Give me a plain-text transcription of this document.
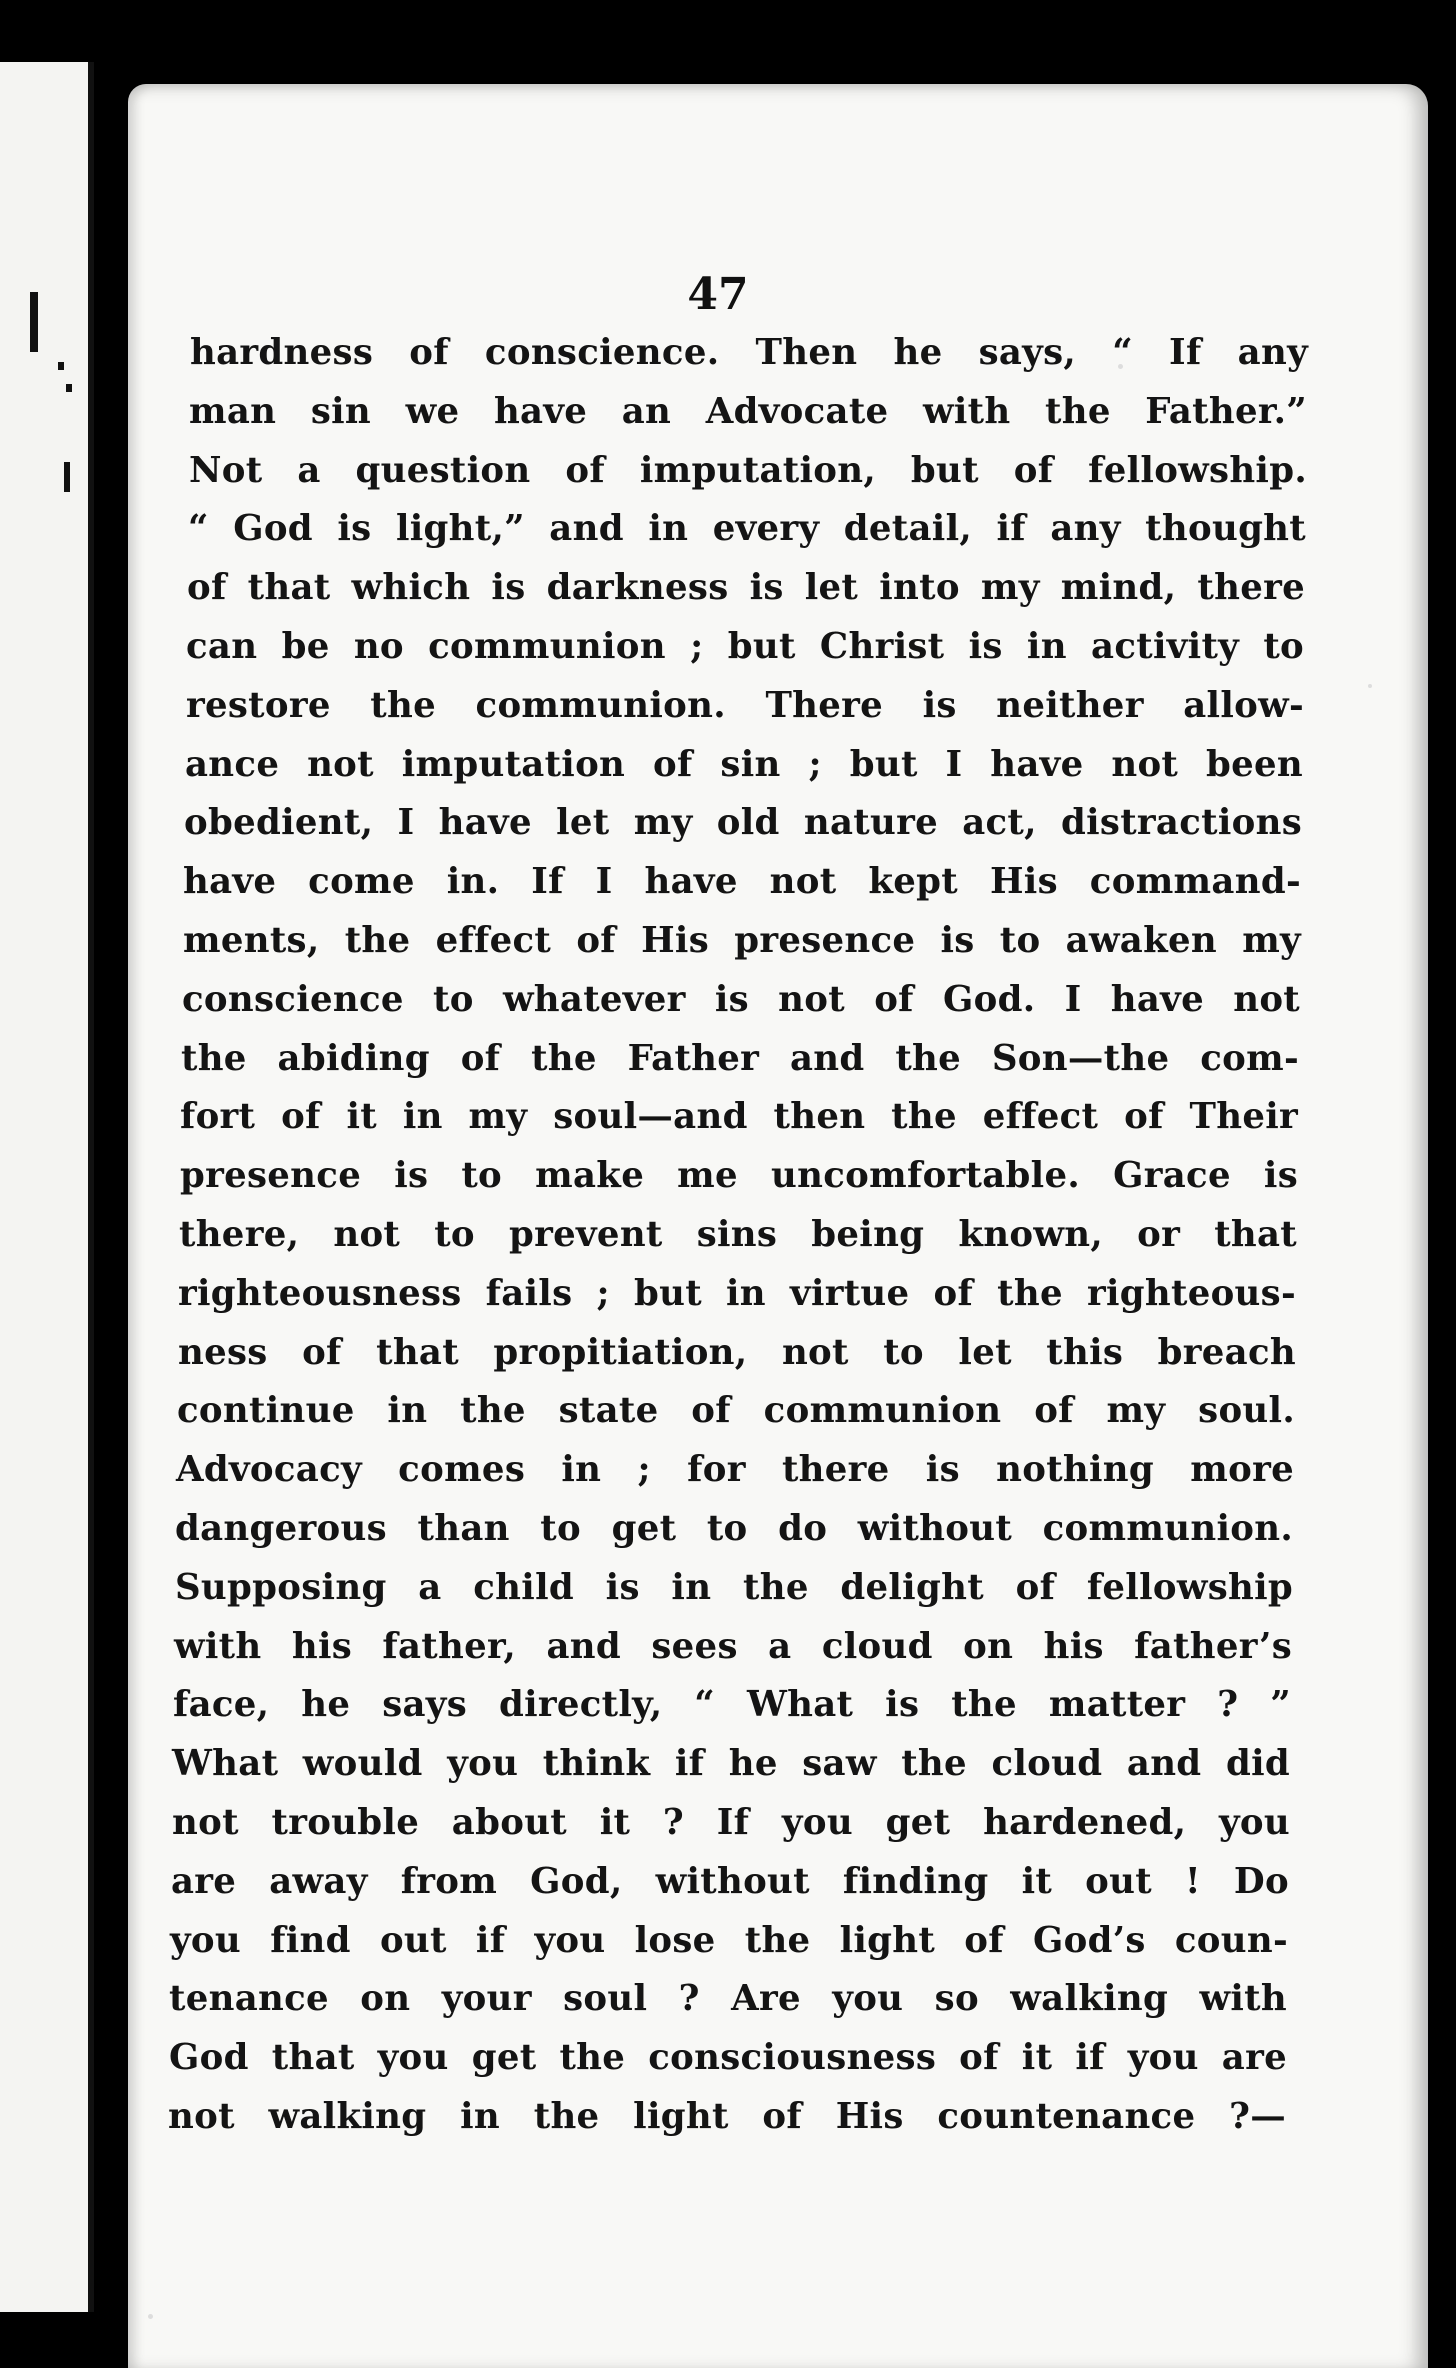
47
hardness of conscience. Then he says, “ If any
man sin we have an Advocate with the Father.”
Not a question of imputation, but of fellowship.
“ God is light,” and in every detail, if any thought
of that which is darkness is let into my mind, there
can be no communion ; but Christ is in activity to
restore the communion. There is neither allow-
ance not imputation of sin ; but I have not been
obedient, I have let my old nature act, distractions
have come in. If I have not kept His command-
ments, the effect of His presence is to awaken my
conscience to whatever is not of God. I have not
the abiding of the Father and the Son—the com-
fort of it in my soul—and then the effect of Their
presence is to make me uncomfortable. Grace is
there, not to prevent sins being known, or that
righteousness fails ; but in virtue of the righteous-
ness of that propitiation, not to let this breach
continue in the state of communion of my soul.
Advocacy comes in ; for there is nothing more
dangerous than to get to do without communion.
Supposing a child is in the delight of fellowship
with his father, and sees a cloud on his father’s
face, he says directly, “ What is the matter ? ”
What would you think if he saw the cloud and did
not trouble about it ? If you get hardened, you
are away from God, without finding it out ! Do
you find out if you lose the light of God’s coun-
tenance on your soul ? Are you so walking with
God that you get the consciousness of it if you are
not walking in the light of His countenance ?—
